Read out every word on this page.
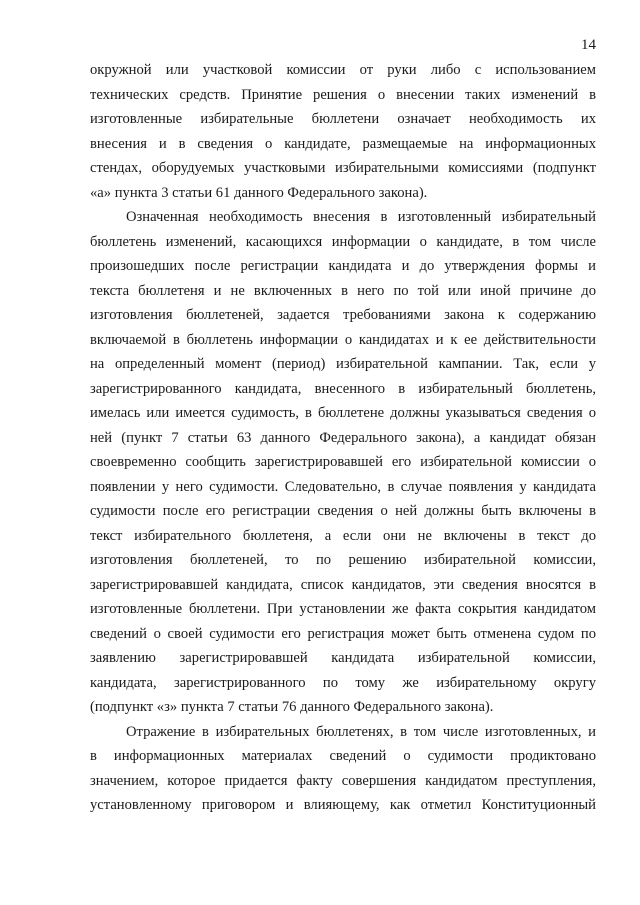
14
окружной или участковой комиссии от руки либо с использованием
технических средств. Принятие решения о внесении таких изменений в
изготовленные избирательные бюллетени означает необходимость их
внесения и в сведения о кандидате, размещаемые на информационных
стендах, оборудуемых участковыми избирательными комиссиями (подпункт
«а» пункта 3 статьи 61 данного Федерального закона).
Означенная необходимость внесения в изготовленный избирательный
бюллетень изменений, касающихся информации о кандидате, в том числе
произошедших после регистрации кандидата и до утверждения формы и
текста бюллетеня и не включенных в него по той или иной причине до
изготовления бюллетеней, задается требованиями закона к содержанию
включаемой в бюллетень информации о кандидатах и к ее действительности
на определенный момент (период) избирательной кампании. Так, если у
зарегистрированного кандидата, внесенного в избирательный бюллетень,
имелась или имеется судимость, в бюллетене должны указываться сведения о
ней (пункт 7 статьи 63 данного Федерального закона), а кандидат обязан
своевременно сообщить зарегистрировавшей его избирательной комиссии о
появлении у него судимости. Следовательно, в случае появления у кандидата
судимости после его регистрации сведения о ней должны быть включены в
текст избирательного бюллетеня, а если они не включены в текст до
изготовления бюллетеней, то по решению избирательной комиссии,
зарегистрировавшей кандидата, список кандидатов, эти сведения вносятся в
изготовленные бюллетени. При установлении же факта сокрытия кандидатом
сведений о своей судимости его регистрация может быть отменена судом по
заявлению зарегистрировавшей кандидата избирательной комиссии,
кандидата, зарегистрированного по тому же избирательному округу
(подпункт «з» пункта 7 статьи 76 данного Федерального закона).
Отражение в избирательных бюллетенях, в том числе изготовленных, и
в информационных материалах сведений о судимости продиктовано
значением, которое придается факту совершения кандидатом преступления,
установленному приговором и влияющему, как отметил Конституционный
